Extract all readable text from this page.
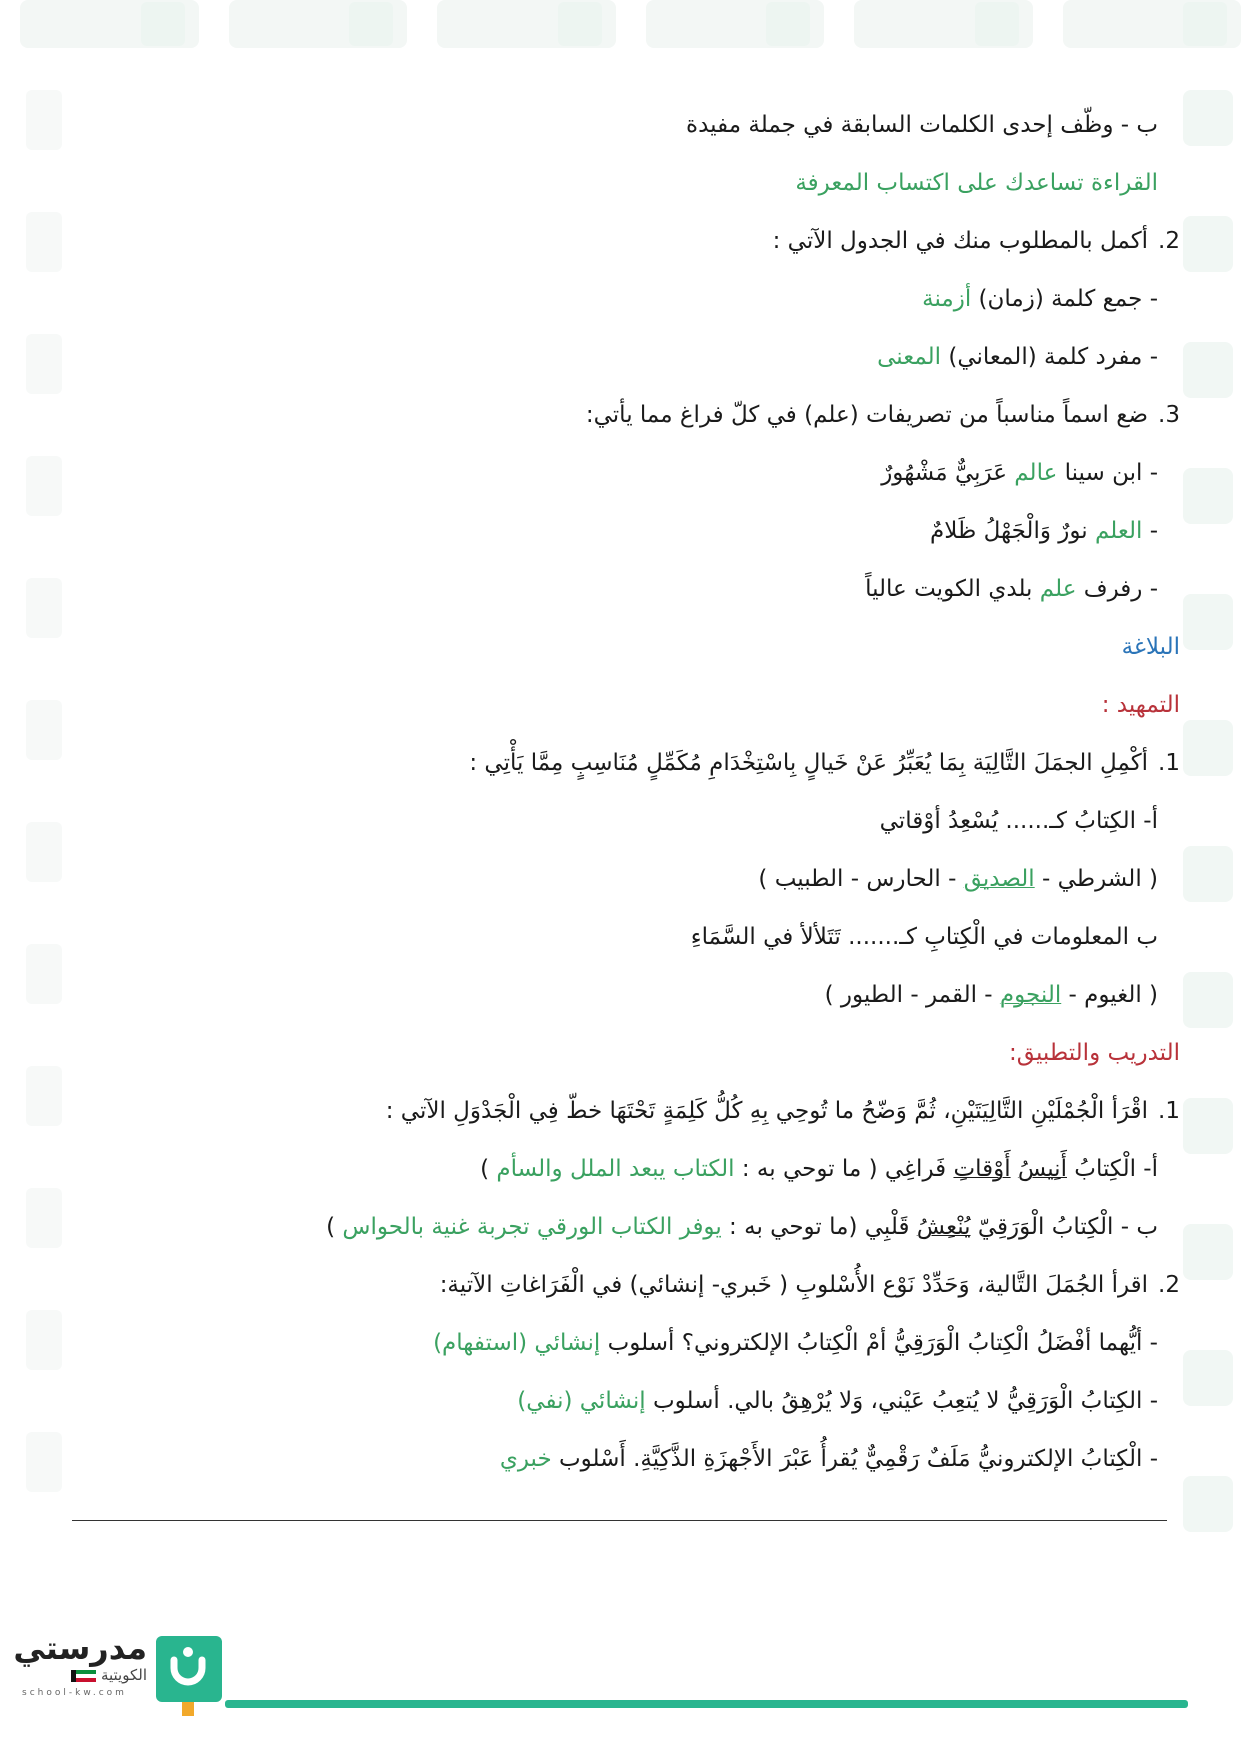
ب - وظّف إحدى الكلمات السابقة في جملة مفيدة
القراءة تساعدك على اكتساب المعرفة
2.أكمل بالمطلوب منك في الجدول الآتي :
- جمع كلمة (زمان) أزمنة
- مفرد كلمة (المعاني) المعنى
3.ضع اسماً مناسباً من تصريفات (علم) في كلّ فراغ مما يأتي:
- ابن سينا عالم عَرَبِيٌّ مَشْهُورٌ
- العلم نورٌ وَالْجَهْلُ ظَلامٌ
- رفرف علم بلدي الكويت عالياً
البلاغة
التمهيد :
1.أكْمِلِ الجمَلَ التَّالِيَة بِمَا يُعَبِّرُ عَنْ خَيالٍ بِاسْتِخْدَامِ مُكَمِّلٍ مُنَاسِبٍ مِمَّا يَأْتِي :
أ- الكِتابُ كـ...... يُسْعِدُ أوْقاتي
( الشرطي - الصديق - الحارس - الطبيب )
ب المعلومات في الْكِتابِ كـ....... تَتَلألأ في السَّمَاءِ
( الغيوم - النجوم - القمر - الطيور )
التدريب والتطبيق:
1.اقْرَأ الْجُمْلَيْنِ التَّالِيَتَيْنِ، ثُمَّ وَضّحُ ما تُوحِي بِهِ كُلُّ كَلِمَةٍ تَحْتَهَا خطّ فِي الْجَدْوَلِ الآتي :
أ- الْكِتابُ أَنِيسُ أَوْقاتِ فَراغِي ( ما توحي به : الكتاب يبعد الملل والسأم )
ب - الْكِتابُ الْوَرَقِيّ يُنْعِشُ قَلْبِي (ما توحي به : يوفر الكتاب الورقي تجربة غنية بالحواس )
2.اقرأ الجُمَلَ التَّالية، وَحَدِّدْ نَوْع الأُسْلوبِ ( خَبري- إنشائي) في الْفَرَاغاتِ الآتية:
- أيُّهما أفْضَلُ الْكِتابُ الْوَرَقِيُّ أمْ الْكِتابُ الإلكتروني؟ أسلوب إنشائي (استفهام)
- الكِتابُ الْوَرَقِيُّ لا يُتعِبُ عَيْني، وَلا يُرْهِقُ بالي. أسلوب إنشائي (نفي)
- الْكِتابُ الإلكترونيُّ مَلَفٌ رَقْمِيٌّ يُقرأُ عَبْرَ الأَجْهزَةِ الذَّكِيَّةِ. أَسْلوب خبري
مدرستي
الكويتية
school-kw.com
